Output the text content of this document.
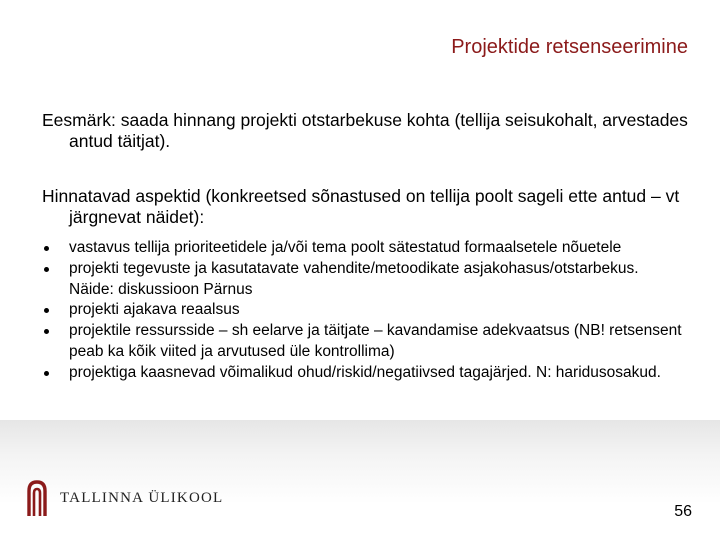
Projektide retsenseerimine
Eesmärk: saada hinnang projekti otstarbekuse kohta (tellija seisukohalt, arvestades antud täitjat).
Hinnatavad aspektid (konkreetsed sõnastused on tellija poolt sageli ette antud – vt järgnevat näidet):
vastavus tellija prioriteetidele ja/või tema poolt sätestatud formaalsetele nõuetele
projekti tegevuste ja kasutatavate vahendite/metoodikate asjakohasus/otstarbekus. Näide: diskussioon Pärnus
projekti ajakava reaalsus
projektile ressursside – sh eelarve ja täitjate – kavandamise adekvaatsus (NB! retsensent peab ka kõik viited ja arvutused üle kontrollima)
projektiga kaasnevad võimalikud ohud/riskid/negatiivsed tagajärjed. N: haridusosakud.
TALLINNA ÜLIKOOL
56
